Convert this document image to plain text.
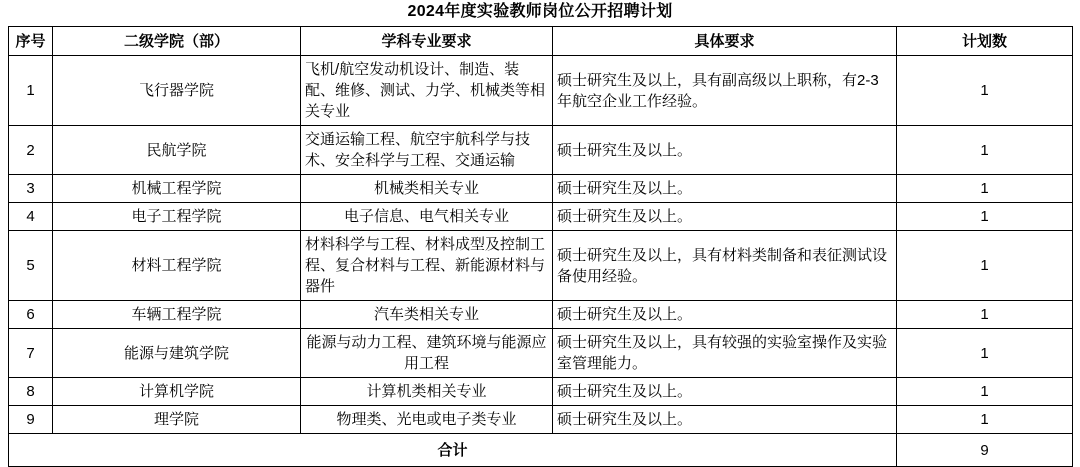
2024年度实验教师岗位公开招聘计划
序号	二级学院（部）	学科专业要求	具体要求	计划数
1	飞行器学院	飞机/航空发动机设计、制造、装配、维修、测试、力学、机械类等相关专业	硕士研究生及以上，具有副高级以上职称，有2-3年航空企业工作经验。	1
2	民航学院	交通运输工程、航空宇航科学与技术、安全科学与工程、交通运输	硕士研究生及以上。	1
3	机械工程学院	机械类相关专业	硕士研究生及以上。	1
4	电子工程学院	电子信息、电气相关专业	硕士研究生及以上。	1
5	材料工程学院	材料科学与工程、材料成型及控制工程、复合材料与工程、新能源材料与器件	硕士研究生及以上，具有材料类制备和表征测试设备使用经验。	1
6	车辆工程学院	汽车类相关专业	硕士研究生及以上。	1
7	能源与建筑学院	能源与动力工程、建筑环境与能源应用工程	硕士研究生及以上，具有较强的实验室操作及实验室管理能力。	1
8	计算机学院	计算机类相关专业	硕士研究生及以上。	1
9	理学院	物理类、光电或电子类专业	硕士研究生及以上。	1
合计				9
